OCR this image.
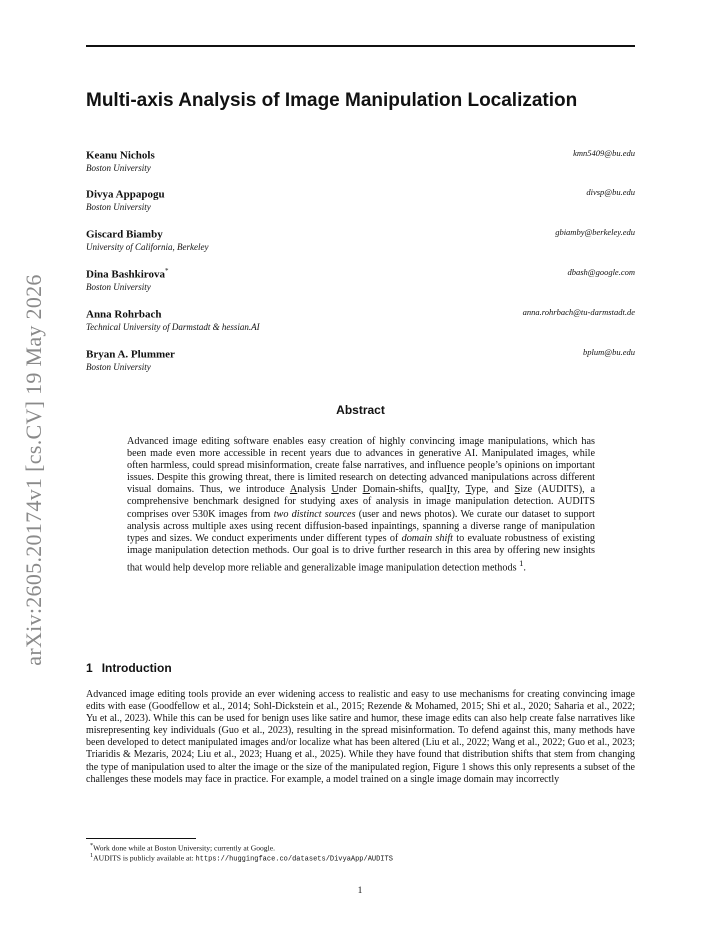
arXiv:2605.20174v1 [cs.CV] 19 May 2026
Multi-axis Analysis of Image Manipulation Localization
Keanu Nichols
Boston University
kmn5409@bu.edu
Divya Appapogu
Boston University
divsp@bu.edu
Giscard Biamby
University of California, Berkeley
gbiamby@berkeley.edu
Dina Bashkirova*
Boston University
dbash@google.com
Anna Rohrbach
Technical University of Darmstadt & hessian.AI
anna.rohrbach@tu-darmstadt.de
Bryan A. Plummer
Boston University
bplum@bu.edu
Abstract
Advanced image editing software enables easy creation of highly convincing image manipulations, which has been made even more accessible in recent years due to advances in generative AI. Manipulated images, while often harmless, could spread misinformation, create false narratives, and influence people’s opinions on important issues. Despite this growing threat, there is limited research on detecting advanced manipulations across different visual domains. Thus, we introduce Analysis Under Domain-shifts, qualIty, Type, and Size (AUDITS), a comprehensive benchmark designed for studying axes of analysis in image manipulation detection. AUDITS comprises over 530K images from two distinct sources (user and news photos). We curate our dataset to support analysis across multiple axes using recent diffusion-based inpaintings, spanning a diverse range of manipulation types and sizes. We conduct experiments under different types of domain shift to evaluate robustness of existing image manipulation detection methods. Our goal is to drive further research in this area by offering new insights that would help develop more reliable and generalizable image manipulation detection methods $^1$.
1 Introduction
Advanced image editing tools provide an ever widening access to realistic and easy to use mechanisms for creating convincing image edits with ease (Goodfellow et al., 2014; Sohl-Dickstein et al., 2015; Rezende & Mohamed, 2015; Shi et al., 2020; Saharia et al., 2022; Yu et al., 2023). While this can be used for benign uses like satire and humor, these image edits can also help create false narratives like misrepresenting key individuals (Guo et al., 2023), resulting in the spread misinformation. To defend against this, many methods have been developed to detect manipulated images and/or localize what has been altered (Liu et al., 2022; Wang et al., 2022; Guo et al., 2023; Triaridis & Mezaris, 2024; Liu et al., 2023; Huang et al., 2025). While they have found that distribution shifts that stem from changing the type of manipulation used to alter the image or the size of the manipulated region, Figure 1 shows this only represents a subset of the challenges these models may face in practice. For example, a model trained on a single image domain may incorrectly
*Work done while at Boston University; currently at Google.
$^1$AUDITS is publicly available at: https://huggingface.co/datasets/DivyaApp/AUDITS
1
